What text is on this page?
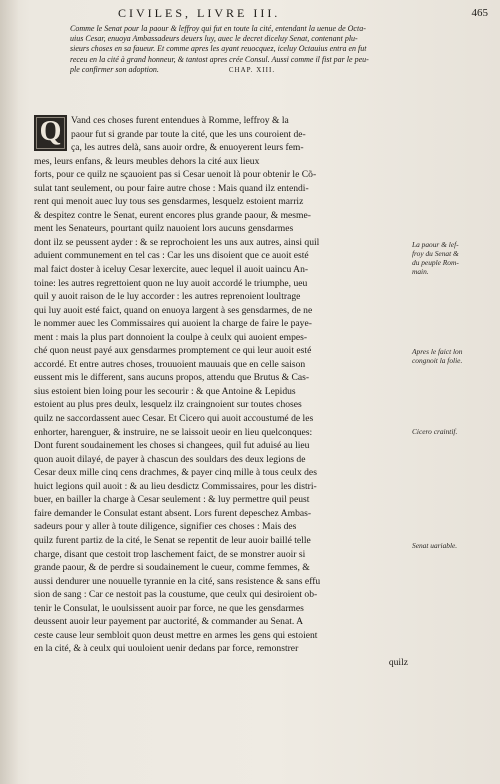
CIVILES, LIVRE III.	465
Comme le Senat pour la paour & leffroy qui fut en toute la cité, entendant la uenue de Octa-
uius Cesar, enuoya Ambassadeurs deuers luy, auec le decret diceluy Senat, contenant plu-
sieurs choses en sa faueur. Et comme apres les ayant reuocquez, iceluy Octauius entra en fut
receu en la cité à grand honneur, & tantost apres crée Consul. Aussi comme il fist par le peu-
ple confirmer son adoption.	CHAP. XIII.
Q	Vand ces choses furent entendues à Romme, leffroy & la
paour fut si grande par toute la cité, que les uns couroient de-
ça, les autres delà, sans auoir ordre, & enuoyerent leurs fem-
mes, leurs enfans, & leurs meubles dehors la cité aux lieux
forts, pour ce quilz ne sçauoient pas si Cesar uenoit là pour obtenir le Cõ-
sulat tant seulement, ou pour faire autre chose : Mais quand ilz entendi-
rent qui menoit auec luy tous ses gensdarmes, lesquelz estoient marriz
& despitez contre le Senat, eurent encores plus grande paour, & mesme-
ment les Senateurs, pourtant quilz nauoient lors aucuns gensdarmes
dont ilz se peussent ayder : & se reprochoient les uns aux autres, ainsi quil
aduient communement en tel cas : Car les uns disoient que ce auoit esté
mal faict doster à iceluy Cesar lexercite, auec lequel il auoit uaincu An-
toine: les autres regrettoient quon ne luy auoit accordé le triumphe, ueu
quil y auoit raison de le luy accorder : les autres reprenoient loultrage
qui luy auoit esté faict, quand on enuoya largent à ses gensdarmes, de ne
le nommer auec les Commissaires qui auoient la charge de faire le paye-
ment : mais la plus part donnoient la coulpe à ceulx qui auoient empes-
ché quon neust payé aux gensdarmes promptement ce qui leur auoit esté
accordé. Et entre autres choses, trouuoient mauuais que en celle saison
eussent mis le different, sans aucuns propos, attendu que Brutus & Cas-
sius estoient bien loing pour les secourir : & que Antoine & Lepidus
estoient au plus pres deulx, lesquelz ilz craingnoient sur toutes choses
quilz ne saccordassent auec Cesar. Et Cicero qui auoit accoustumé de les
enhorter, harenguer, & instruire, ne se laissoit ueoir en lieu quelconques:
Dont furent soudainement les choses si changees, quil fut aduisé au lieu
quon auoit dilayé, de payer à chascun des souldars des deux legions de
Cesar deux mille cinq cens drachmes, & payer cinq mille à tous ceulx des
huict legions quil auoit : & au lieu desdictz Commissaires, pour les distri-
buer, en bailler la charge à Cesar seulement : & luy permettre quil peust
faire demander le Consulat estant absent. Lors furent depeschez Ambas-
sadeurs pour y aller à toute diligence, signifier ces choses : Mais des
quilz furent partiz de la cité, le Senat se repentit de leur auoir baillé telle
charge, disant que cestoit trop laschement faict, de se monstrer auoir si
grande paour, & de perdre si soudainement le cueur, comme femmes, &
aussi dendurer une nouuelle tyrannie en la cité, sans resistence & sans effu
sion de sang : Car ce nestoit pas la coustume, que ceulx qui desiroient ob-
tenir le Consulat, le uoulsissent auoir par force, ne que les gensdarmes
deussent auoir leur payement par auctorité, & commander au Senat. A
ceste cause leur sembloit quon deust mettre en armes les gens qui estoient
en la cité, & à ceulx qui uouloient uenir dedans par force, remonstrer
quilz
La paour & lef-
froy du Senat &
du peuple Rom-
main.
Apres le faict lon
congnoit la folie.
Cicero craintif.
Senat uariable.
